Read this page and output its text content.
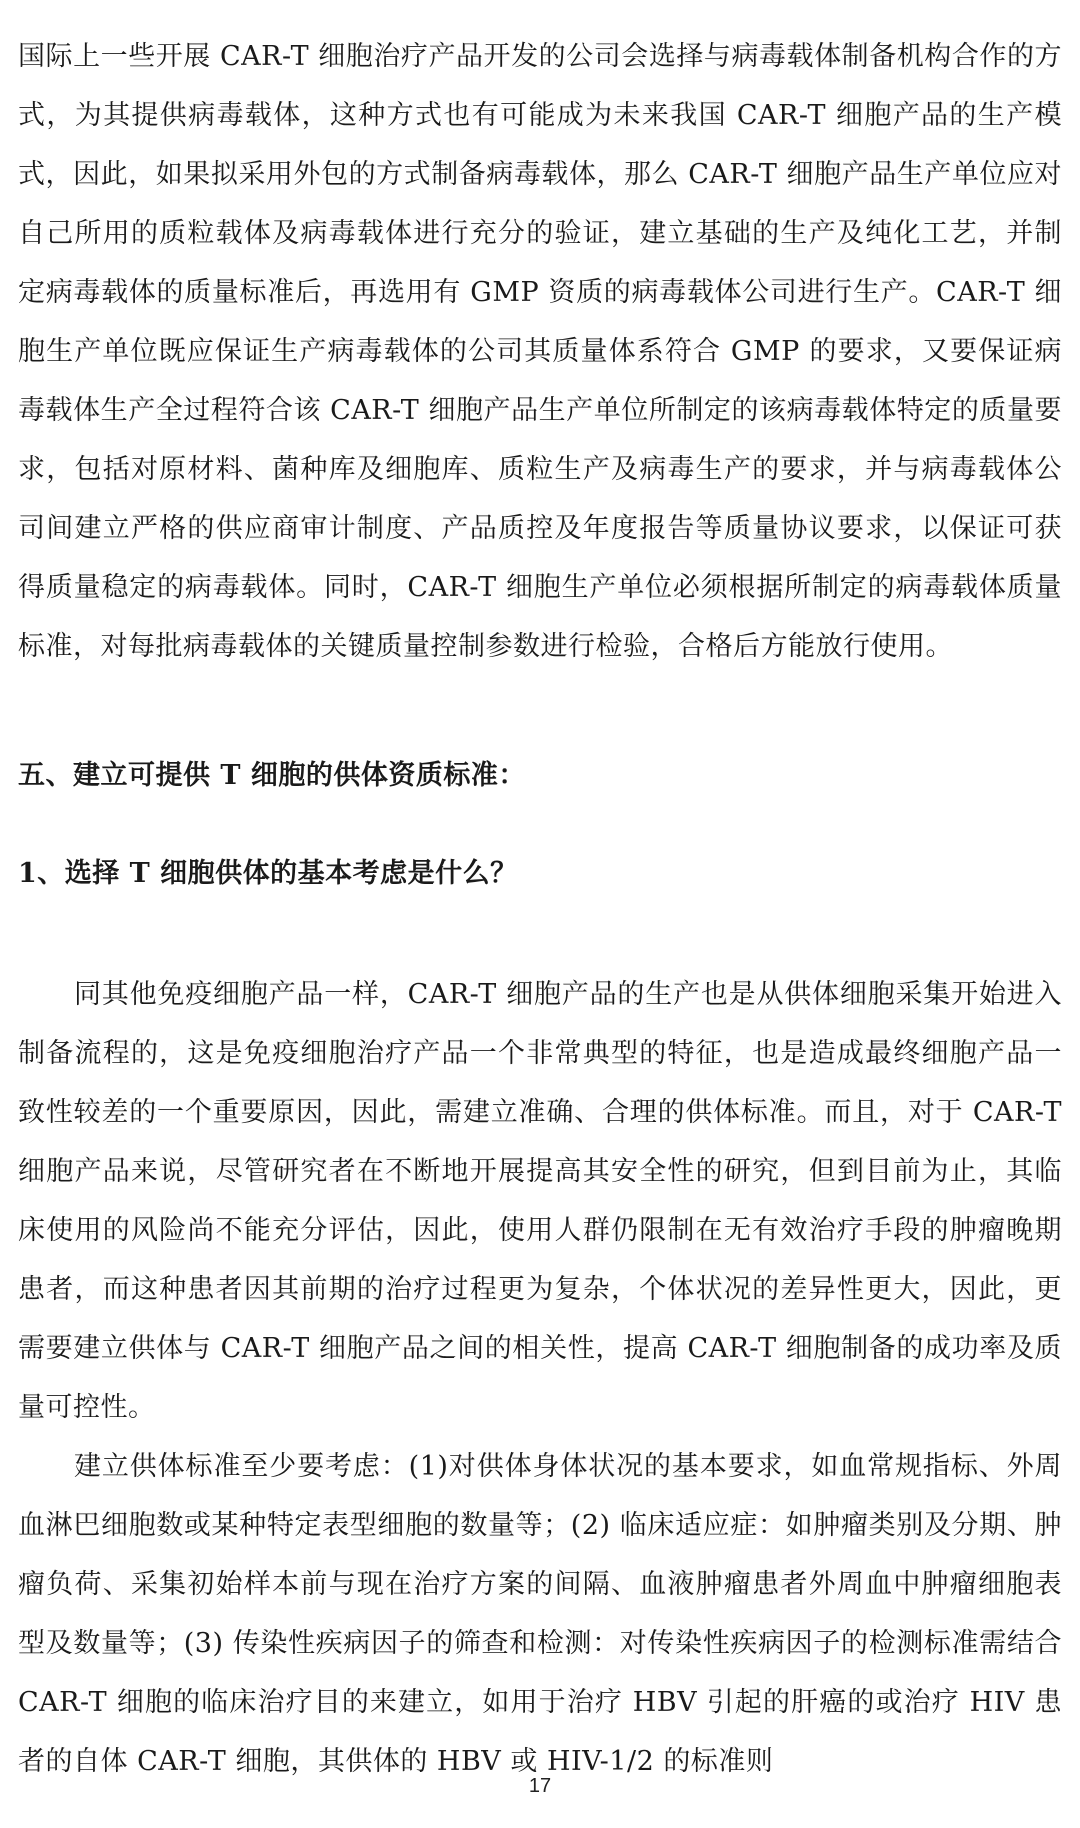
国际上一些开展 CAR-T 细胞治疗产品开发的公司会选择与病毒载体制备机构合作的方式，为其提供病毒载体，这种方式也有可能成为未来我国 CAR-T 细胞产品的生产模式，因此，如果拟采用外包的方式制备病毒载体，那么 CAR-T 细胞产品生产单位应对自己所用的质粒载体及病毒载体进行充分的验证，建立基础的生产及纯化工艺，并制定病毒载体的质量标准后，再选用有 GMP 资质的病毒载体公司进行生产。CAR-T 细胞生产单位既应保证生产病毒载体的公司其质量体系符合 GMP 的要求，又要保证病毒载体生产全过程符合该 CAR-T 细胞产品生产单位所制定的该病毒载体特定的质量要求，包括对原材料、菌种库及细胞库、质粒生产及病毒生产的要求，并与病毒载体公司间建立严格的供应商审计制度、产品质控及年度报告等质量协议要求，以保证可获得质量稳定的病毒载体。同时，CAR-T 细胞生产单位必须根据所制定的病毒载体质量标准，对每批病毒载体的关键质量控制参数进行检验，合格后方能放行使用。

五、建立可提供 T 细胞的供体资质标准：
1、选择 T 细胞供体的基本考虑是什么？

同其他免疫细胞产品一样，CAR-T 细胞产品的生产也是从供体细胞采集开始进入制备流程的，这是免疫细胞治疗产品一个非常典型的特征，也是造成最终细胞产品一致性较差的一个重要原因，因此，需建立准确、合理的供体标准。而且，对于 CAR-T 细胞产品来说，尽管研究者在不断地开展提高其安全性的研究，但到目前为止，其临床使用的风险尚不能充分评估，因此，使用人群仍限制在无有效治疗手段的肿瘤晚期患者，而这种患者因其前期的治疗过程更为复杂，个体状况的差异性更大，因此，更需要建立供体与 CAR-T 细胞产品之间的相关性，提高 CAR-T 细胞制备的成功率及质量可控性。

建立供体标准至少要考虑：(1)对供体身体状况的基本要求，如血常规指标、外周血淋巴细胞数或某种特定表型细胞的数量等；(2) 临床适应症：如肿瘤类别及分期、肿瘤负荷、采集初始样本前与现在治疗方案的间隔、血液肿瘤患者外周血中肿瘤细胞表型及数量等；(3) 传染性疾病因子的筛查和检测：对传染性疾病因子的检测标准需结合 CAR-T 细胞的临床治疗目的来建立，如用于治疗 HBV 引起的肝癌的或治疗 HIV 患者的自体 CAR-T 细胞，其供体的 HBV 或 HIV-1/2 的标准则

17
